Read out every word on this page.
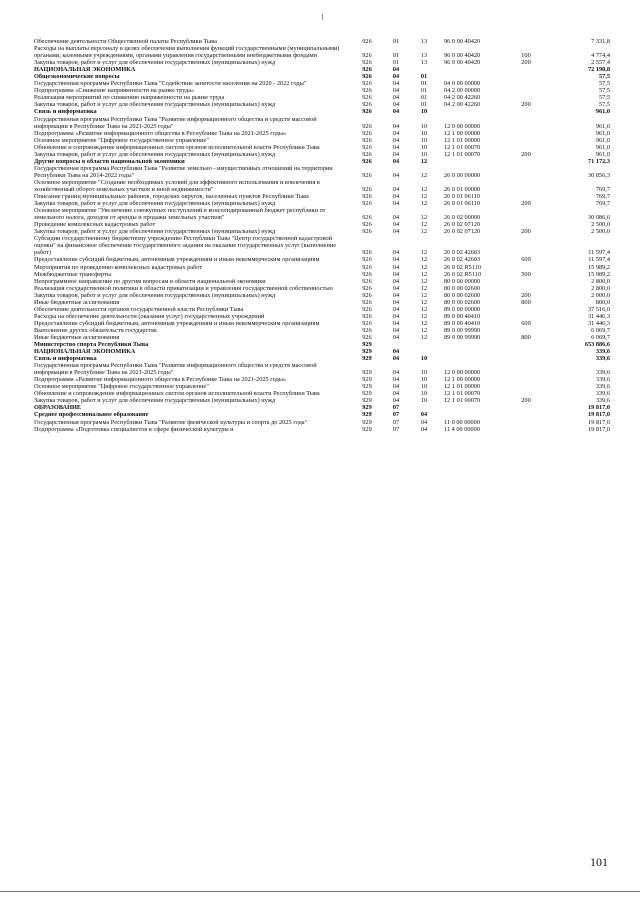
Обеспечение деятельности Общественной палаты Республики Тыва	926	01	13	96 0 00 40420		7 331,8
Расходы на выплаты персоналу в целях обеспечения выполнения функций государственными (муниципальными) органами, казенными учреждениями, органами управления государственными внебюджетными фондами	926	01	13	96 0 00 40420	100	4 774,4
Закупка товаров, работ и услуг для обеспечения государственных (муниципальных) нужд	926	01	13	96 0 00 40420	200	2 557,4
НАЦИОНАЛЬНАЯ ЭКОНОМИКА	926	04				72 190,8
Общеэкономические вопросы	926	04	01			57,5
Государственная программа Республики Тыва "Содействие занятости населения на 2020 - 2022 годы"	926	04	01	04 0 00 00000		57,5
Подпрограмма «Снижение напряженности на рынке труда»	926	04	01	04 2 00 00000		57,5
Реализация мероприятий по снижению напряженности на рынке труда	926	04	01	04 2 00 42260		57,5
Закупка товаров, работ и услуг для обеспечения государственных (муниципальных) нужд	926	04	01	04 2 00 42260	200	57,5
Связь и информатика	926	04	10			961,0
Государственная программа Республики Тыва "Развитие информационного общества и средств массовой информации в Республике Тыва на 2021-2025 годы"	926	04	10	12 0 00 00000		961,0
Подпрограмма «Развитие информационного общества в Республике Тыва на 2021-2025 годы»	926	04	10	12 1 00 00000		961,0
Основное мероприятие "Цифровое государственное управление"	926	04	10	12 1 01 00000		961,0
Обновление и сопровождение информационных систем органов исполнительной власти Республики Тыва	926	04	10	12 1 01 00070		961,0
Закупка товаров, работ и услуг для обеспечения государственных (муниципальных) нужд	926	04	10	12 1 01 00070	200	961,0
Другие вопросы в области национальной экономики	926	04	12			71 172,3
Государственная программа Республики Тыва "Развитие земельно - имущественных отношений на территории Республики Тыва на 2014-2022 годы"	926	04	12	26 0 00 00000		30 856,3
Основное мероприятие "Создание необходимых условий для эффективного использования и вовлечения в хозяйственный оборот земельных участков и иной недвижимости"	926	04	12	26 0 01 00000		769,7
Описание границ муниципальных районов, городских округов, населенных пунктов Республики Тыва	926	04	12	26 0 01 06110		769,7
Закупка товаров, работ и услуг для обеспечения государственных (муниципальных) нужд	926	04	12	26 0 01 06110	200	769,7
Основное мероприятие "Увеличение совокупных поступлений в консолидированный бюджет республики от земельного налога, доходов от аренды и продажи земельных участков"	926	04	12	26 0 02 00000		30 086,6
Проведение комплексных кадастровых работ	926	04	12	26 0 02 07120		2 500,0
Закупка товаров, работ и услуг для обеспечения государственных (муниципальных) нужд	926	04	12	26 0 02 07120	200	2 500,0
Субсидии государственному бюджетному учреждению Республики Тыва "Центр государственной кадастровой оценки" на финансовое обеспечение государственного задания на оказание государственных услуг (выполнение работ)	926	04	12	26 0 02 42603		11 597,4
Предоставление субсидий бюджетным, автономным учреждениям и иным некоммерческим организациям	926	04	12	26 0 02 42603	600	11 597,4
Мероприятия по проведению комплексных кадастровых работ	926	04	12	26 0 02 R5110		15 989,2
Межбюджетные трансферты	926	04	12	26 0 02 R5110	500	15 989,2
Непрограммное направление по другим вопросам в области национальной экономики	926	04	12	80 0 00 00000		2 800,0
Реализация государственной политики в области приватизации и управления государственной собственностью	926	04	12	80 0 00 02600		2 800,0
Закупка товаров, работ и услуг для обеспечения государственных (муниципальных) нужд	926	04	12	80 0 00 02600	200	2 000,0
Иные бюджетные ассигнования	926	04	12	80 0 00 02600	800	800,0
Обеспечение деятельности органов государственной власти Республики Тыва	926	04	12	89 0 00 00000		37 516,0
Расходы на обеспечение деятельности (оказания услуг) государственных учреждений	926	04	12	89 0 00 40410		31 446,3
Предоставление субсидий бюджетным, автономным учреждениям и иным некоммерческим организациям	926	04	12	89 0 00 40410	600	31 446,3
Выполнение других обязательств государства	926	04	12	89 0 00 99990		6 069,7
Иные бюджетные ассигнования	926	04	12	89 0 00 99990	800	6 069,7
Министерство спорта Республики Тыва	929					653 886,6
НАЦИОНАЛЬНАЯ ЭКОНОМИКА	929	04				339,6
Связь и информатика	929	04	10			339,6
Государственная программа Республики Тыва "Развитие информационного общества и средств массовой информации в Республике Тыва на 2021-2025 годы"	929	04	10	12 0 00 00000		339,6
Подпрограмма «Развитие информационного общества в Республике Тыва на 2021-2025 годы»	929	04	10	12 1 00 00000		339,6
Основное мероприятие "Цифровое государственное управление"	929	04	10	12 1 01 00000		339,6
Обновление и сопровождение информационных систем органов исполнительной власти Республики Тыва	929	04	10	12 1 01 00070		339,6
Закупка товаров, работ и услуг для обеспечения государственных (муниципальных) нужд	929	04	10	12 1 01 00070	200	339,6
ОБРАЗОВАНИЕ	929	07				19 817,0
Среднее профессиональное образование	929	07	04			19 817,0
Государственная программа Республики Тыва "Развитие физической культуры и спорта до 2025 года"	929	07	04	11 0 00 00000		19 817,0
Подпрограмма «Подготовка специалистов в сфере физической культуры и	929	07	04	11 4 00 00000		19 817,0
101
